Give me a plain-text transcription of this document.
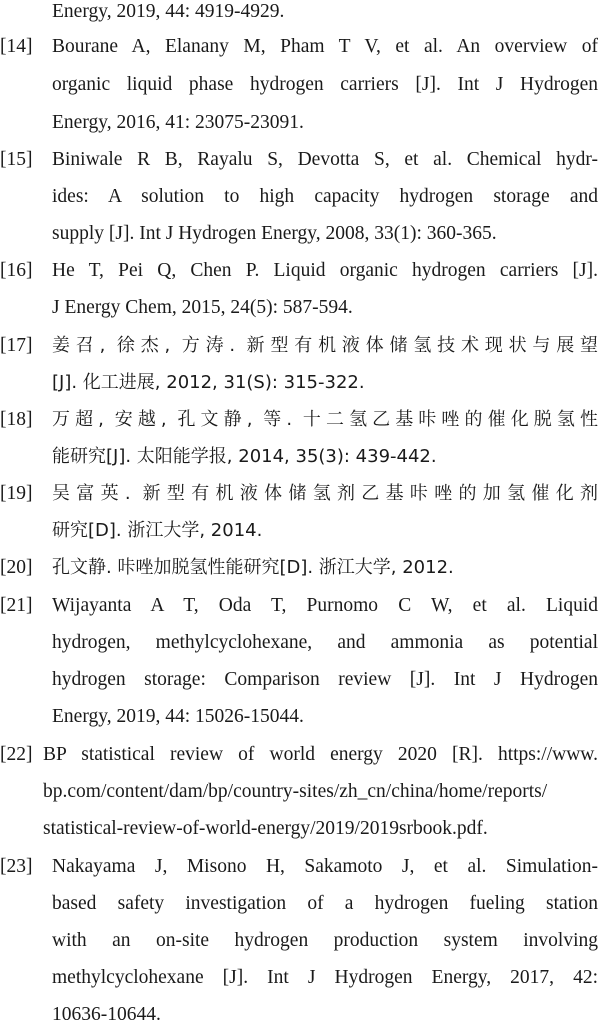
Energy, 2019, 44: 4919-4929.
[14] Bourane A, Elanany M, Pham T V, et al. An overview of
organic liquid phase hydrogen carriers [J]. Int J Hydrogen
Energy, 2016, 41: 23075-23091.
[15] Biniwale R B, Rayalu S, Devotta S, et al. Chemical hydr-
ides: A solution to high capacity hydrogen storage and
supply [J]. Int J Hydrogen Energy, 2008, 33(1): 360-365.
[16] He T, Pei Q, Chen P. Liquid organic hydrogen carriers [J].
J Energy Chem, 2015, 24(5): 587-594.
[17] 姜召, 徐杰, 方涛. 新型有机液体储氢技术现状与展望
[J]. 化工进展, 2012, 31(S): 315-322.
[18] 万超, 安越, 孔文静, 等. 十二氢乙基咔唑的催化脱氢性
能研究[J]. 太阳能学报, 2014, 35(3): 439-442.
[19] 吴富英. 新型有机液体储氢剂乙基咔唑的加氢催化剂
研究[D]. 浙江大学, 2014.
[20] 孔文静. 咔唑加脱氢性能研究[D]. 浙江大学, 2012.
[21] Wijayanta A T, Oda T, Purnomo C W, et al. Liquid
hydrogen, methylcyclohexane, and ammonia as potential
hydrogen storage: Comparison review [J]. Int J Hydrogen
Energy, 2019, 44: 15026-15044.
[22] BP statistical review of world energy 2020 [R]. https://www.
bp.com/content/dam/bp/country-sites/zh_cn/china/home/reports/
statistical-review-of-world-energy/2019/2019srbook.pdf.
[23] Nakayama J, Misono H, Sakamoto J, et al. Simulation-
based safety investigation of a hydrogen fueling station
with an on-site hydrogen production system involving
methylcyclohexane [J]. Int J Hydrogen Energy, 2017, 42:
10636-10644.
